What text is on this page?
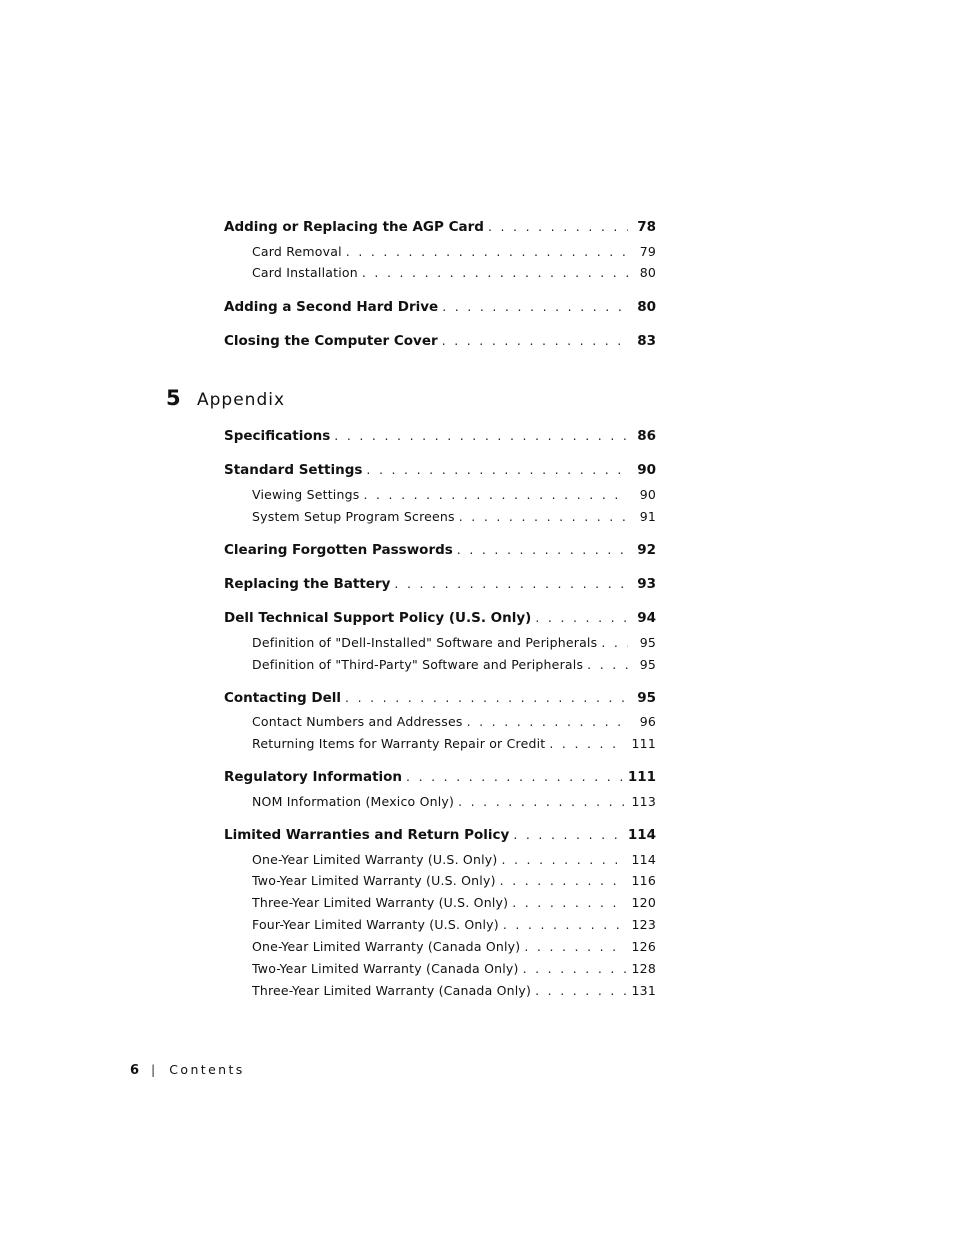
Adding or Replacing the AGP Card . . .	78
Card Removal . . .	79
Card Installation . . .	80
Adding a Second Hard Drive . . .	80
Closing the Computer Cover . . .	83
5 Appendix
Specifications . . .	86
Standard Settings . . .	90
Viewing Settings . . .	90
System Setup Program Screens . . .	91
Clearing Forgotten Passwords . . .	92
Replacing the Battery . . .	93
Dell Technical Support Policy (U.S. Only) . . .	94
Definition of "Dell-Installed" Software and Peripherals . . .	95
Definition of "Third-Party" Software and Peripherals . . .	95
Contacting Dell . . .	95
Contact Numbers and Addresses . . .	96
Returning Items for Warranty Repair or Credit . . .	111
Regulatory Information . . .	111
NOM Information (Mexico Only) . . .	113
Limited Warranties and Return Policy . . .	114
One-Year Limited Warranty (U.S. Only) . . .	114
Two-Year Limited Warranty (U.S. Only) . . .	116
Three-Year Limited Warranty (U.S. Only) . . .	120
Four-Year Limited Warranty (U.S. Only) . . .	123
One-Year Limited Warranty (Canada Only) . . .	126
Two-Year Limited Warranty (Canada Only) . . .	128
Three-Year Limited Warranty (Canada Only) . . .	131
6 | Contents
